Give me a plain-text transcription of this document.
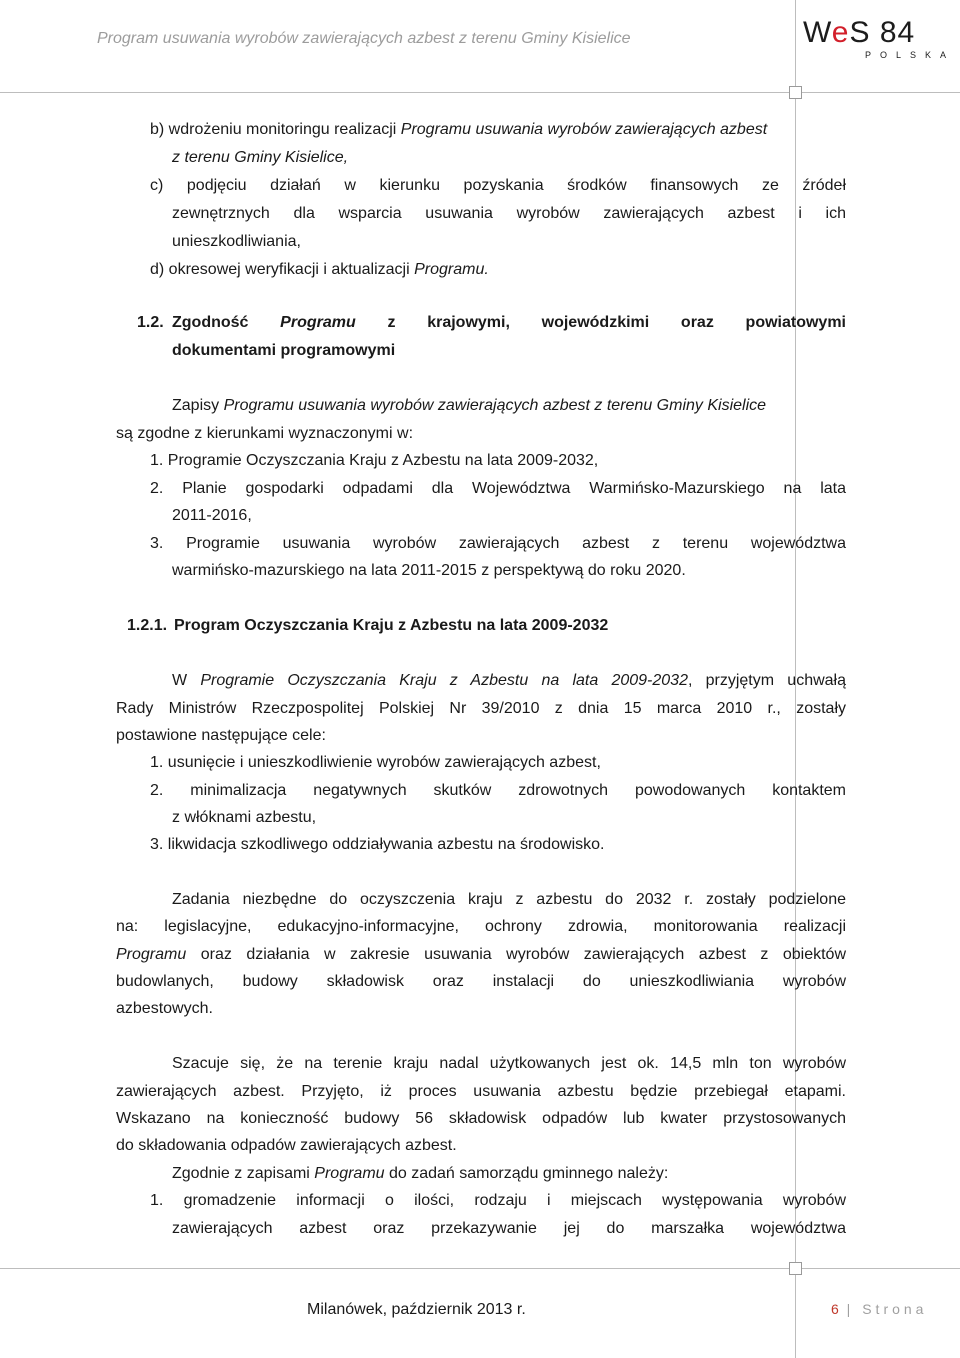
Program usuwania wyrobów zawierających azbest z terenu Gminy Kisielice	WeS 84
POLSKA
b) wdrożeniu monitoringu realizacji Programu usuwania wyrobów zawierających azbest
z terenu Gminy Kisielice,
c) podjęciu działań w kierunku pozyskania środków finansowych ze źródeł
zewnętrznych dla wsparcia usuwania wyrobów zawierających azbest i ich
unieszkodliwiania,
d) okresowej weryfikacji i aktualizacji Programu.
1.2. Zgodność Programu z krajowymi, wojewódzkimi oraz powiatowymi
dokumentami programowymi
Zapisy Programu usuwania wyrobów zawierających azbest z terenu Gminy Kisielice
są zgodne z kierunkami wyznaczonymi w:
1. Programie Oczyszczania Kraju z Azbestu na lata 2009-2032,
2. Planie gospodarki odpadami dla Województwa Warmińsko-Mazurskiego na lata
2011-2016,
3. Programie usuwania wyrobów zawierających azbest z terenu województwa
warmińsko-mazurskiego na lata 2011-2015 z perspektywą do roku 2020.
1.2.1. Program Oczyszczania Kraju z Azbestu na lata 2009-2032
W Programie Oczyszczania Kraju z Azbestu na lata 2009-2032, przyjętym uchwałą
Rady Ministrów Rzeczpospolitej Polskiej Nr 39/2010 z dnia 15 marca 2010 r., zostały
postawione następujące cele:
1. usunięcie i unieszkodliwienie wyrobów zawierających azbest,
2. minimalizacja negatywnych skutków zdrowotnych powodowanych kontaktem
z włóknami azbestu,
3. likwidacja szkodliwego oddziaływania azbestu na środowisko.
Zadania niezbędne do oczyszczenia kraju z azbestu do 2032 r. zostały podzielone
na: legislacyjne, edukacyjno-informacyjne, ochrony zdrowia, monitorowania realizacji
Programu oraz działania w zakresie usuwania wyrobów zawierających azbest z obiektów
budowlanych, budowy składowisk oraz instalacji do unieszkodliwiania wyrobów
azbestowych.
Szacuje się, że na terenie kraju nadal użytkowanych jest ok. 14,5 mln ton wyrobów
zawierających azbest. Przyjęto, iż proces usuwania azbestu będzie przebiegał etapami.
Wskazano na konieczność budowy 56 składowisk odpadów lub kwater przystosowanych
do składowania odpadów zawierających azbest.
Zgodnie z zapisami Programu do zadań samorządu gminnego należy:
1. gromadzenie informacji o ilości, rodzaju i miejscach występowania wyrobów
zawierających azbest oraz przekazywanie jej do marszałka województwa
Milanówek, październik 2013 r.	6 | Strona
